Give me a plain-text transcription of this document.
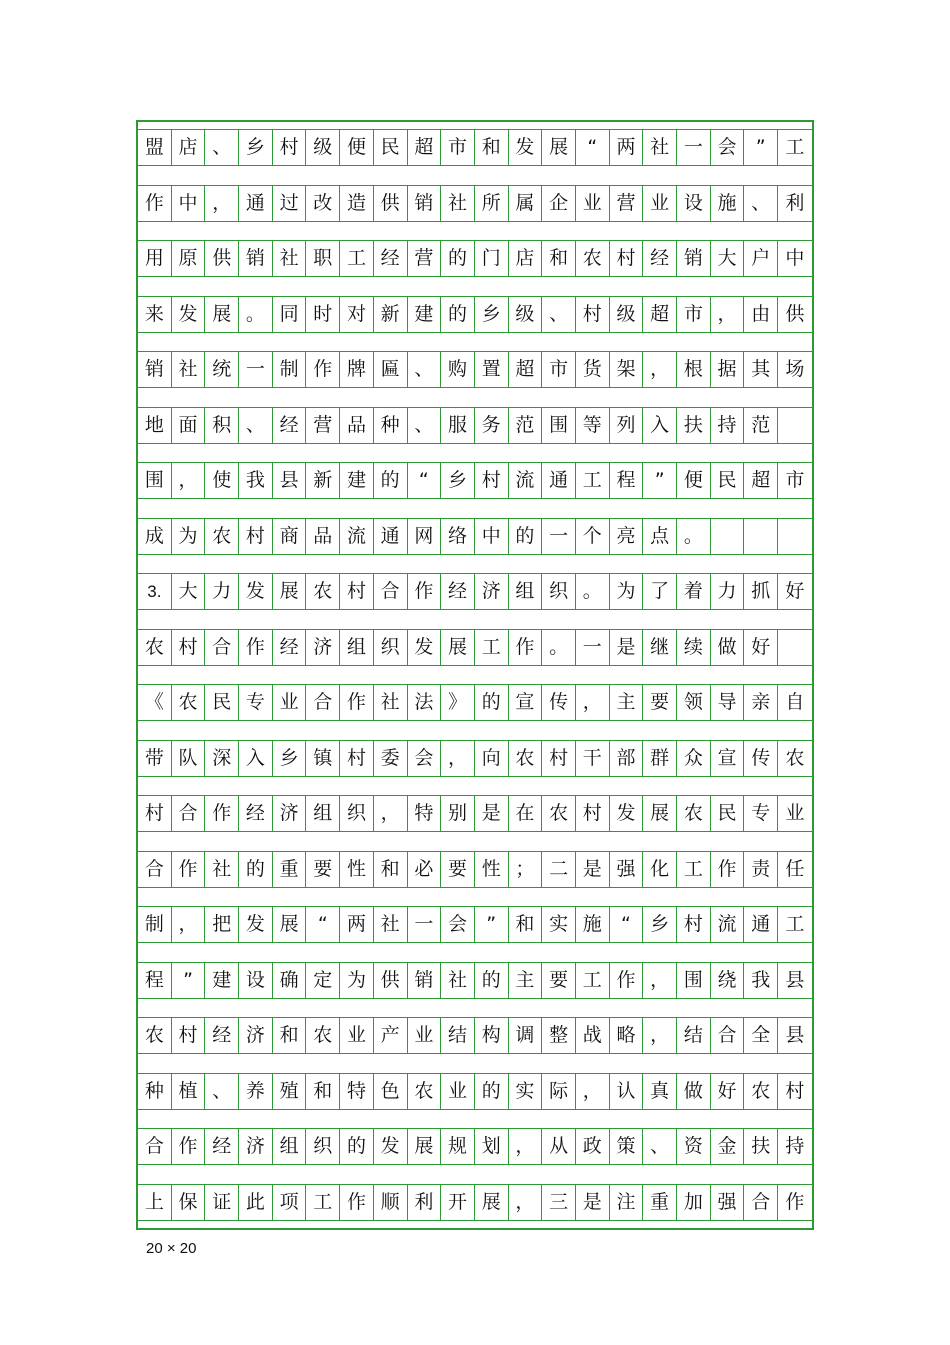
盟 店 、 乡 村 级 便 民 超 市 和 发 展	“	两 社 一 会	”	工
作 中 ， 通 过 改 造 供 销 社 所 属 企 业 营 业 设 施 、 利
用 原 供 销 社 职 工 经 营 的 门 店 和 农 村 经 销 大 户 中
来 发 展 。 同 时 对 新 建 的 乡 级 、 村 级 超 市 ， 由 供
销 社 统 一 制 作 牌 匾 、 购 置 超 市 货 架 ， 根 据 其 场
地 面 积 、 经 营 品 种 、 服 务 范 围 等 列 入 扶 持 范
围 ， 使 我 县 新 建 的	“	乡 村 流 通 工 程	”	便 民 超 市
成 为 农 村 商 品 流 通 网 络 中 的 一 个 亮 点 。
3. 大 力 发 展 农 村 合 作 经 济 组 织 。 为 了 着 力 抓 好
农 村 合 作 经 济 组 织 发 展 工 作 。 一 是 继 续 做 好
《 农 民 专 业 合 作 社 法 》 的 宣 传 ， 主 要 领 导 亲 自
带 队 深 入 乡 镇 村 委 会 ， 向 农 村 干 部 群 众 宣 传 农
村 合 作 经 济 组 织 ， 特 别 是 在 农 村 发 展 农 民 专 业
合 作 社 的 重 要 性 和 必 要 性 ； 二 是 强 化 工 作 责 任
制 ， 把 发 展	“	两 社 一 会	”	和 实 施	“	乡 村 流 通 工
程	”	建 设 确 定 为 供 销 社 的 主 要 工 作 ， 围 绕 我 县
农 村 经 济 和 农 业 产 业 结 构 调 整 战 略 ， 结 合 全 县
种 植 、 养 殖 和 特 色 农 业 的 实 际 ， 认 真 做 好 农 村
合 作 经 济 组 织 的 发 展 规 划 ， 从 政 策 、 资 金 扶 持
上 保 证 此 项 工 作 顺 利 开 展 ， 三 是 注 重 加 强 合 作
20 × 20
